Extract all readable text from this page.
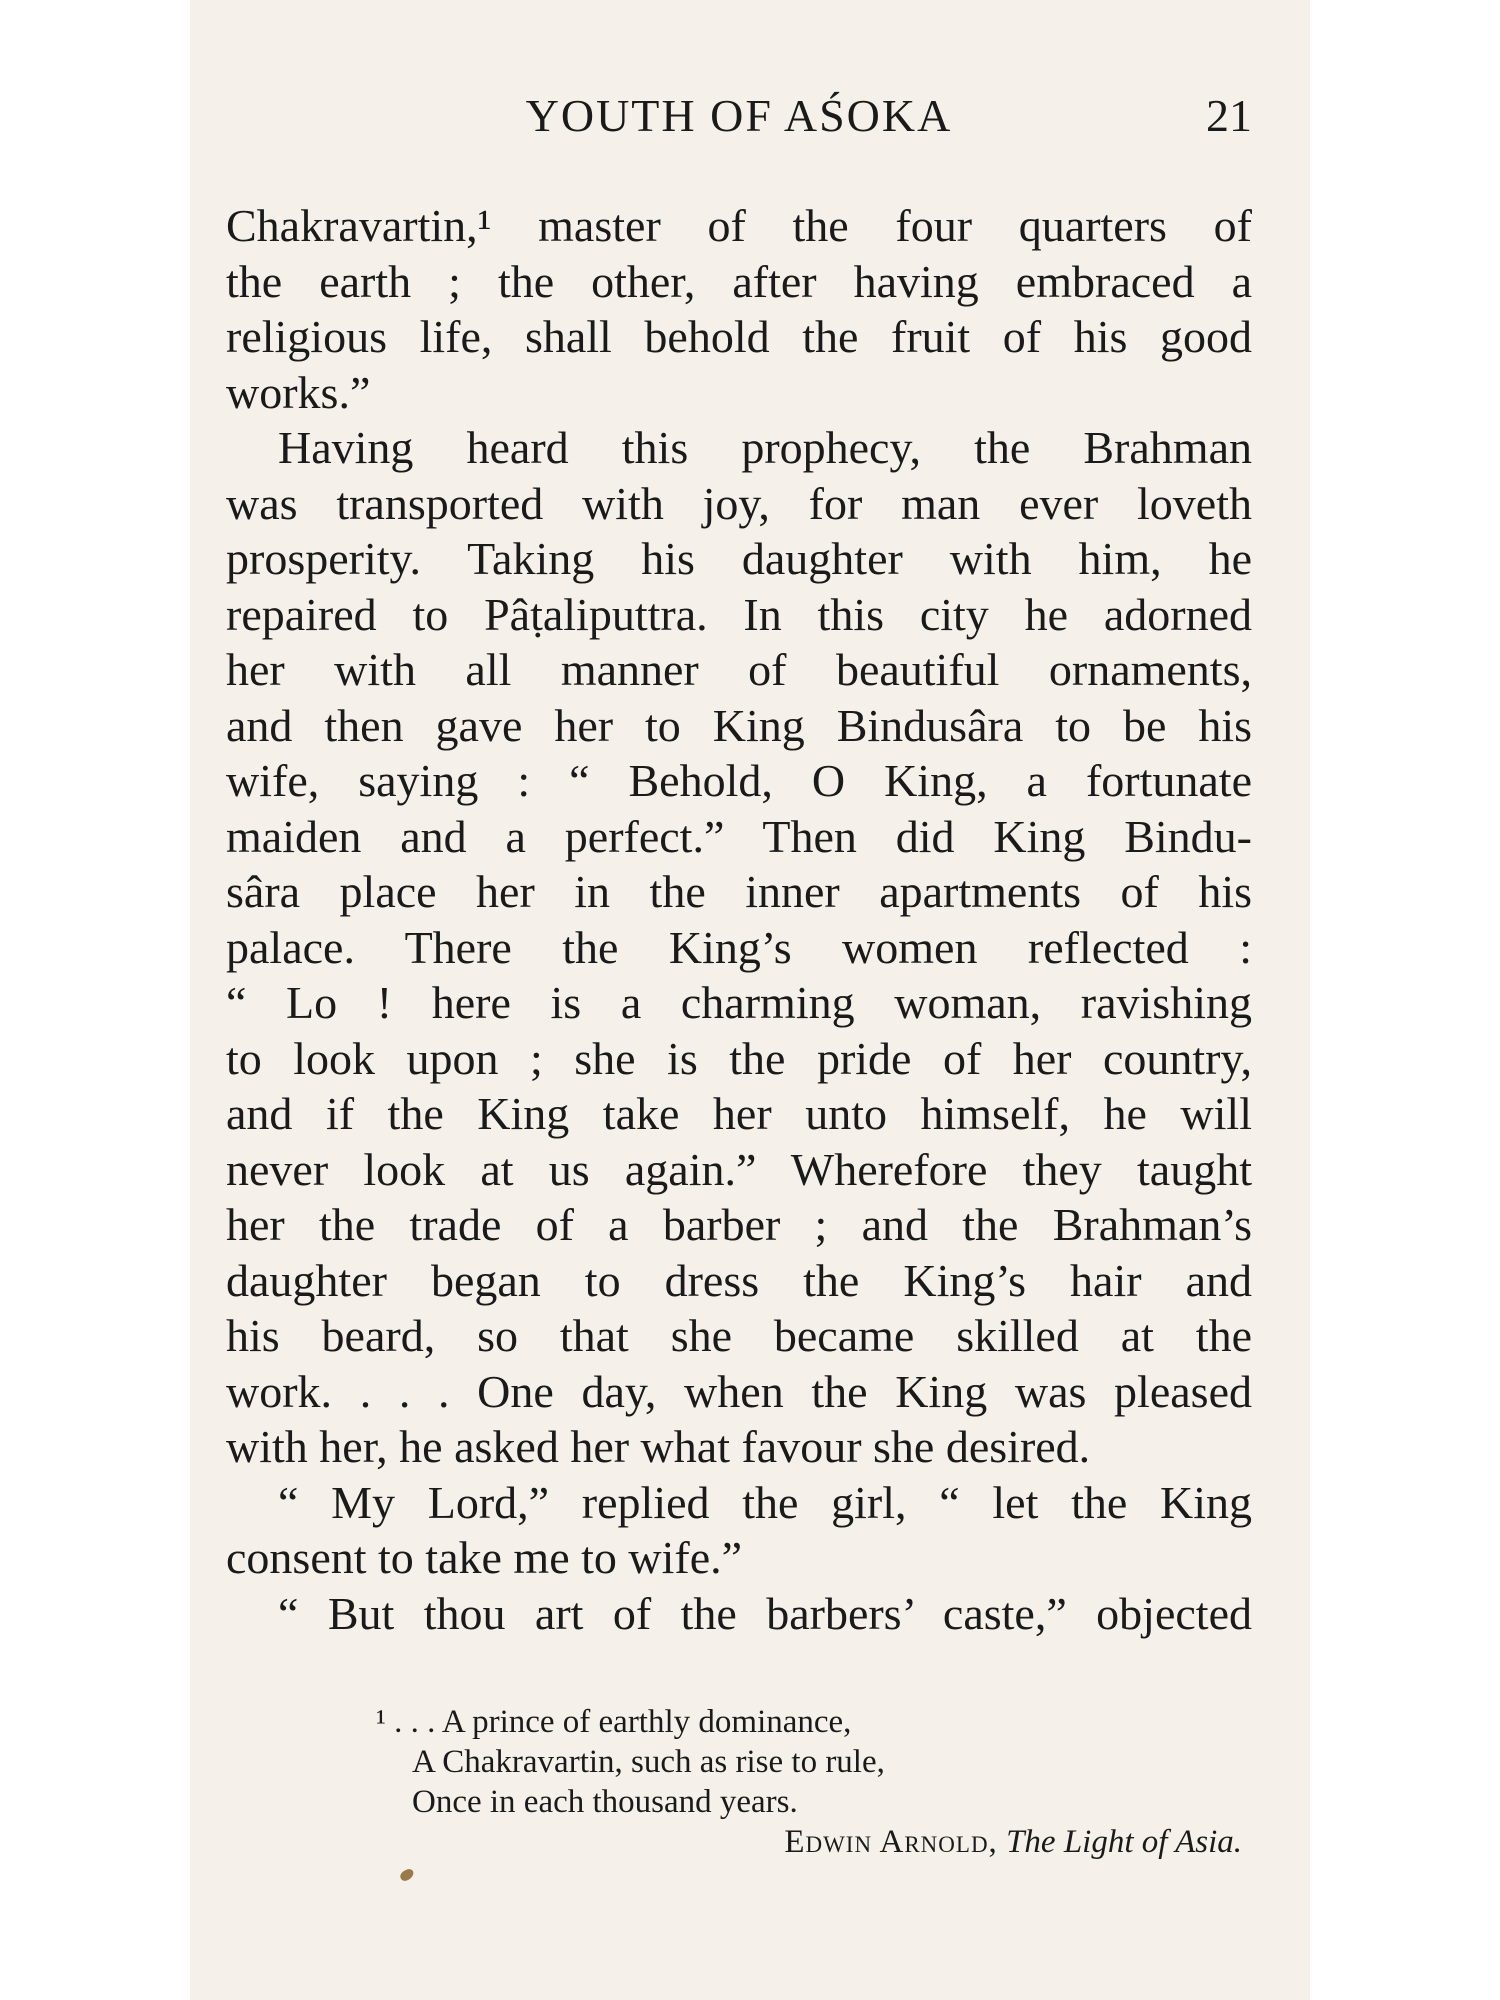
YOUTH OF AŚOKA	21
Chakravartin,¹ master of the four quarters of
the earth ; the other, after having embraced a
religious life, shall behold the fruit of his good
works.”
Having heard this prophecy, the Brahman
was transported with joy, for man ever loveth
prosperity. Taking his daughter with him, he
repaired to Pâṭaliputtra. In this city he adorned
her with all manner of beautiful ornaments,
and then gave her to King Bindusâra to be his
wife, saying : “ Behold, O King, a fortunate
maiden and a perfect.” Then did King Bindu-
sâra place her in the inner apartments of his
palace. There the King’s women reflected :
“ Lo ! here is a charming woman, ravishing
to look upon ; she is the pride of her country,
and if the King take her unto himself, he will
never look at us again.” Wherefore they taught
her the trade of a barber ; and the Brahman’s
daughter began to dress the King’s hair and
his beard, so that she became skilled at the
work. . . . One day, when the King was pleased
with her, he asked her what favour she desired.
“ My Lord,” replied the girl, “ let the King
consent to take me to wife.”
“ But thou art of the barbers’ caste,” objected
¹ . . . A prince of earthly dominance,
A Chakravartin, such as rise to rule,
Once in each thousand years.
Edwin Arnold, The Light of Asia.
